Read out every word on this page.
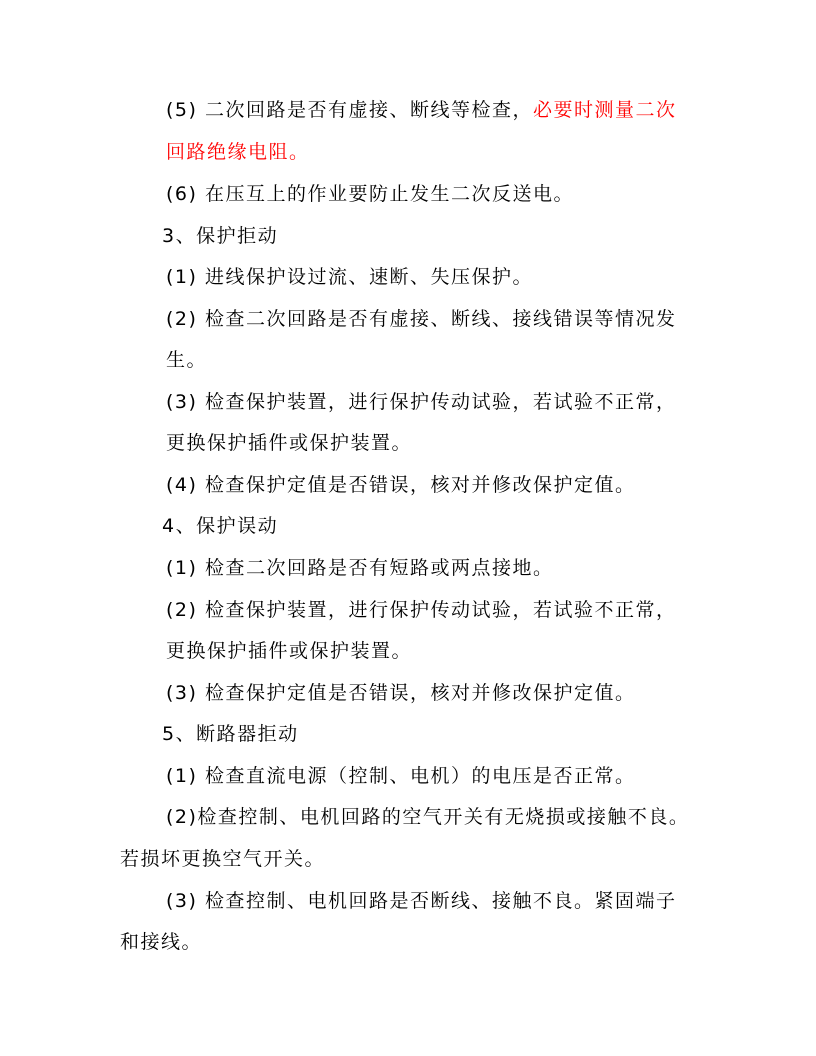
(5) 二次回路是否有虚接、断线等检查，必要时测量二次
回路绝缘电阻。
(6) 在压互上的作业要防止发生二次反送电。
3、保护拒动
(1) 进线保护设过流、速断、失压保护。
(2) 检查二次回路是否有虚接、断线、接线错误等情况发
生。
(3) 检查保护装置，进行保护传动试验，若试验不正常，
更换保护插件或保护装置。
(4) 检查保护定值是否错误，核对并修改保护定值。
4、保护误动
(1) 检查二次回路是否有短路或两点接地。
(2) 检查保护装置，进行保护传动试验，若试验不正常，
更换保护插件或保护装置。
(3) 检查保护定值是否错误，核对并修改保护定值。
5、断路器拒动
(1) 检查直流电源（控制、电机）的电压是否正常。
(2)检查控制、电机回路的空气开关有无烧损或接触不良。
若损坏更换空气开关。
(3) 检查控制、电机回路是否断线、接触不良。紧固端子
和接线。
